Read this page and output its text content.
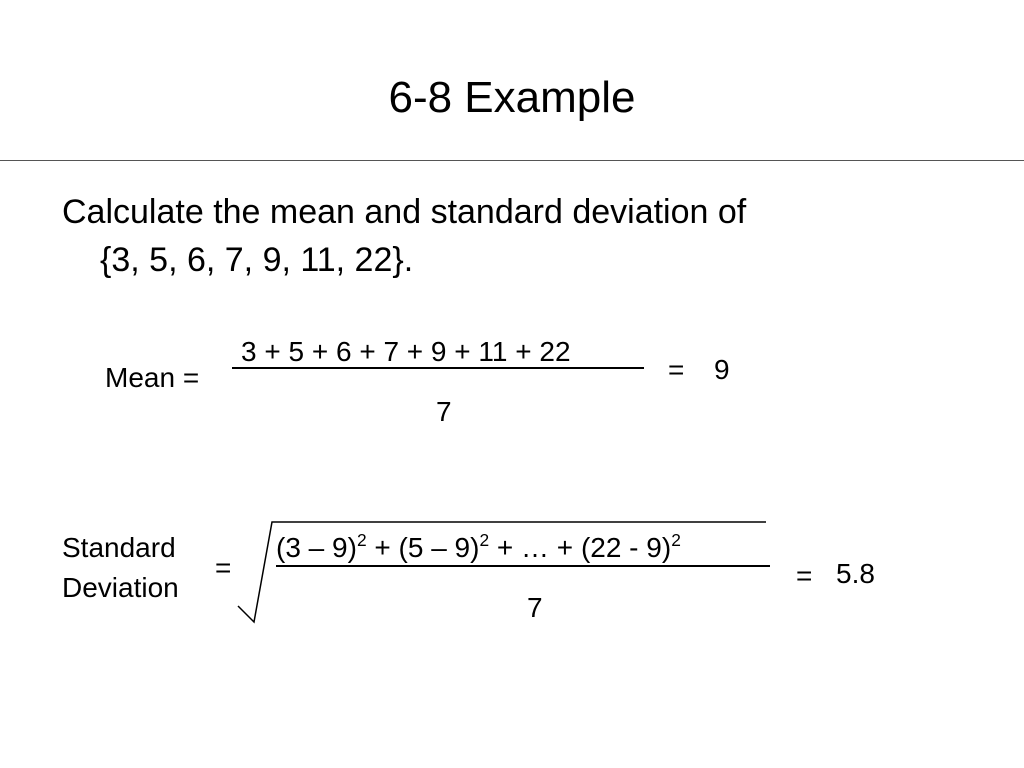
6-8 Example
Calculate the mean and standard deviation of
{3, 5, 6, 7, 9, 11, 22}.
Mean =
3 + 5 + 6 + 7 + 9 + 11 + 22
7
= 9
Standard
Deviation
=
(3 – 9)$^2$ + (5 – 9)$^2$ + … + (22 - 9)$^2$
7
= 5.8
